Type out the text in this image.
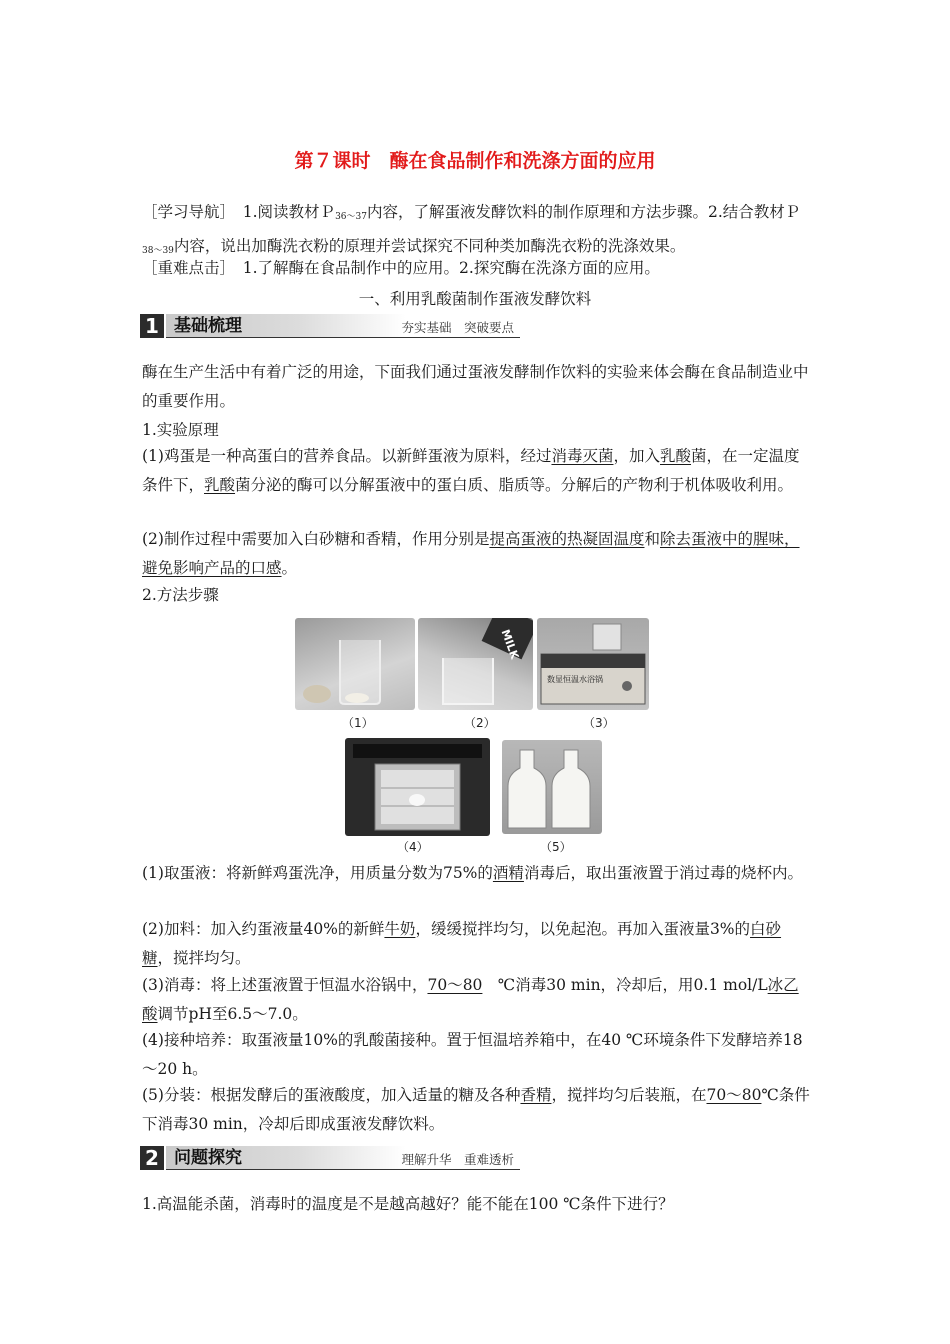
第７课时　酶在食品制作和洗涤方面的应用
［学习导航］　1.阅读教材Ｐ$_{36\sim 37}$内容，了解蛋液发酵饮料的制作原理和方法步骤。2.结合教材Ｐ$_{38\sim 39}$内容，说出加酶洗衣粉的原理并尝试探究不同种类加酶洗衣粉的洗涤效果。
［重难点击］　1.了解酶在食品制作中的应用。2.探究酶在洗涤方面的应用。
一、利用乳酸菌制作蛋液发酵饮料
1 基础梳理	夯实基础　突破要点
酶在生产生活中有着广泛的用途，下面我们通过蛋液发酵制作饮料的实验来体会酶在食品制造业中的重要作用。
1.实验原理
(1)鸡蛋是一种高蛋白的营养食品。以新鲜蛋液为原料，经过消毒灭菌，加入乳酸菌，在一定温度条件下，乳酸菌分泌的酶可以分解蛋液中的蛋白质、脂质等。分解后的产物利于机体吸收利用。
(2)制作过程中需要加入白砂糖和香精，作用分别是提高蛋液的热凝固温度和除去蛋液中的腥味，避免影响产品的口感。
2.方法步骤
MILK
数显恒温水浴锅
（1）	（2）	（3）
（4）	（5）
(1)取蛋液：将新鲜鸡蛋洗净，用质量分数为75%的酒精消毒后，取出蛋液置于消过毒的烧杯内。
(2)加料：加入约蛋液量40%的新鲜牛奶，缓缓搅拌均匀，以免起泡。再加入蛋液量3%的白砂糖，搅拌均匀。
(3)消毒：将上述蛋液置于恒温水浴锅中，70～80　℃消毒30 min，冷却后，用0.1 mol/L冰乙酸调节pH至6.5～7.0。
(4)接种培养：取蛋液量10%的乳酸菌接种。置于恒温培养箱中，在40 ℃环境条件下发酵培养18～20 h。
(5)分装：根据发酵后的蛋液酸度，加入适量的糖及各种香精，搅拌均匀后装瓶，在70～80℃条件下消毒30 min，冷却后即成蛋液发酵饮料。
2 问题探究	理解升华　重难透析
1.高温能杀菌，消毒时的温度是不是越高越好？能不能在100 ℃条件下进行？
